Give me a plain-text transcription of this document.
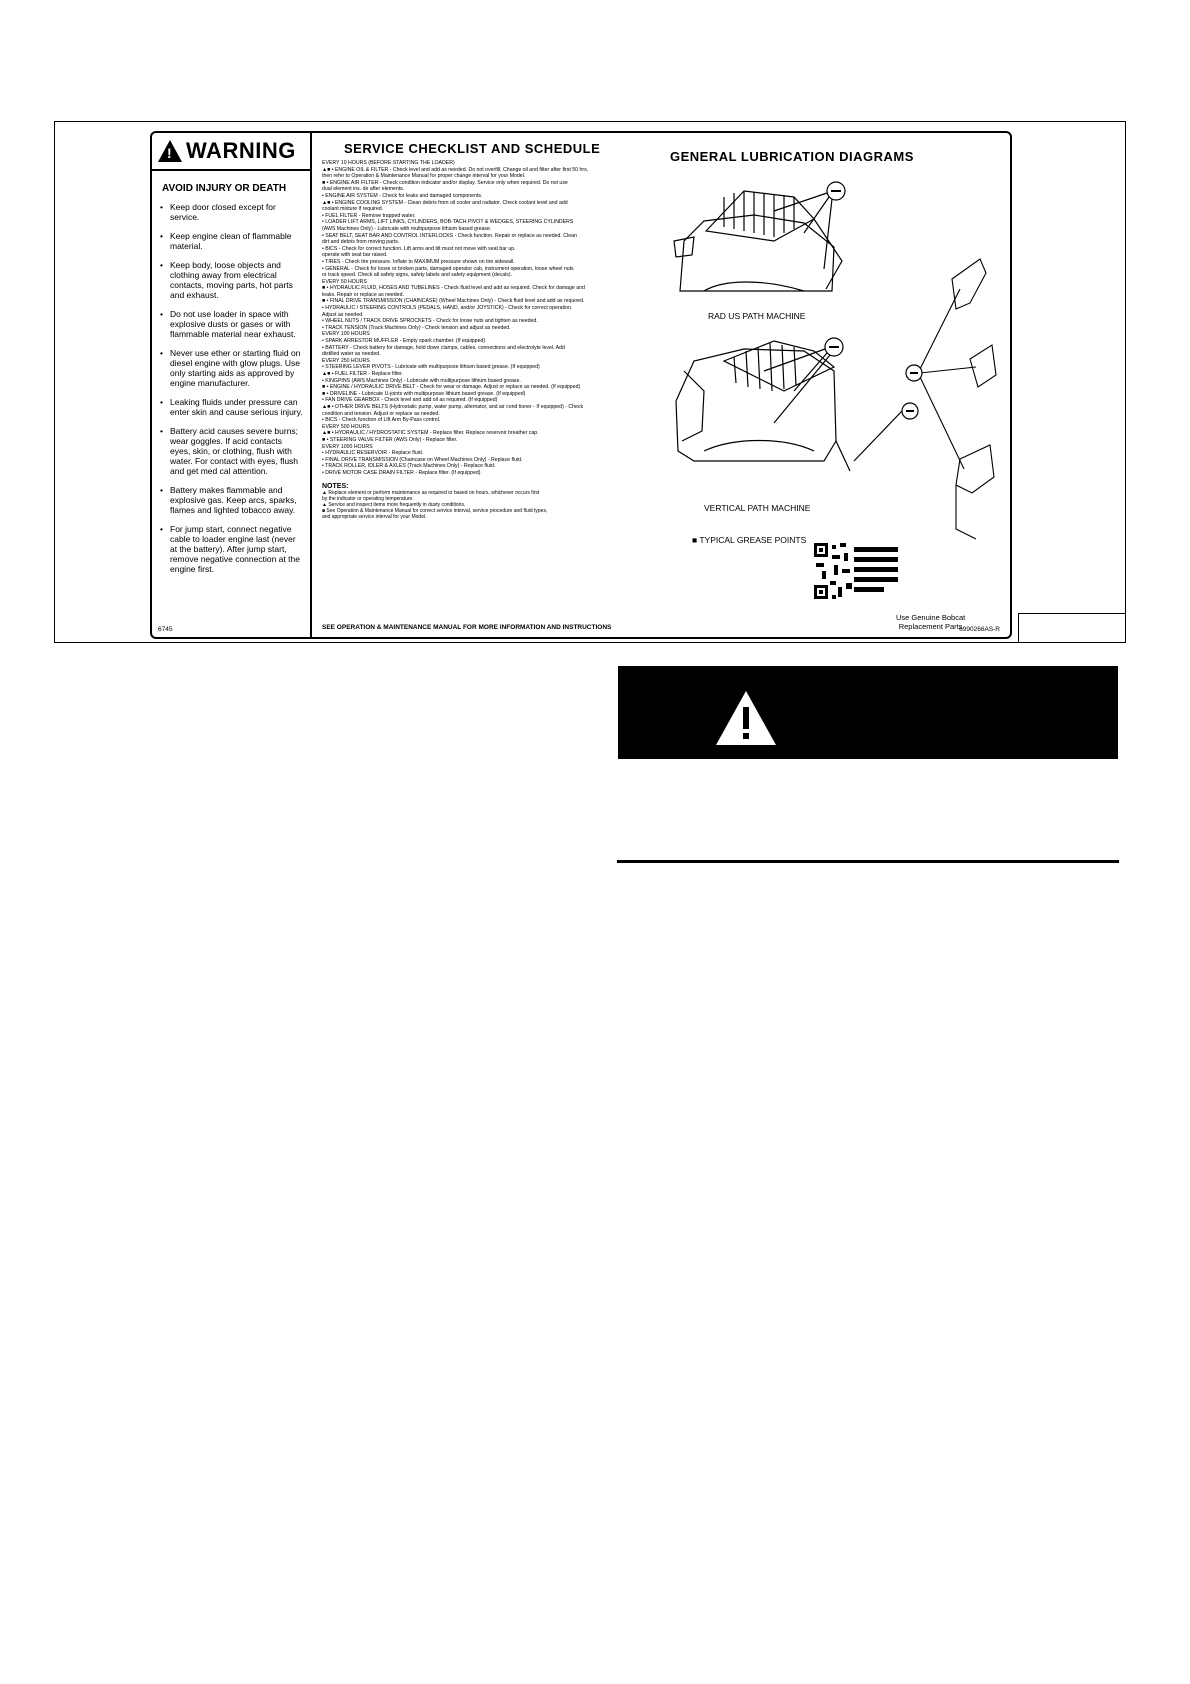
! WARNING
AVOID INJURY OR DEATH
• Keep door closed except for service.
• Keep engine clean of flammable material.
• Keep body, loose objects and clothing away from electrical contacts, moving parts, hot parts and exhaust.
• Do not use loader in space with explosive dusts or gases or with flammable material near exhaust.
• Never use ether or starting fluid on diesel engine with glow plugs. Use only starting aids as approved by engine manufacturer.
• Leaking fluids under pressure can enter skin and cause serious injury.
• Battery acid causes severe burns; wear goggles. If acid contacts eyes, skin, or clothing, flush with water. For contact with eyes, flush and get med cal attention.
• Battery makes flammable and explosive gas. Keep arcs, sparks, flames and lighted tobacco away.
• For jump start, connect negative cable to loader engine last (never at the battery). After jump start, remove negative connection at the engine first.
6745
SERVICE CHECKLIST AND SCHEDULE
EVERY 10 HOURS (BEFORE STARTING THE LOADER)
▲■ • ENGINE OIL & FILTER - Check level and add as needed. Do not overfill. Change oil and filter after first 50 hrs,
then refer to Operation & Maintenance Manual for proper change interval for your Model.
■ • ENGINE AIR FILTER - Check condition indicator and/or display. Service only when required. Do not use
dual element ins. de after elements.
• ENGINE AIR SYSTEM - Check for leaks and damaged components.
▲■ • ENGINE COOLING SYSTEM - Clean debris from oil cooler and radiator. Check coolant level and add
coolant mixture if required.
• FUEL FILTER - Remove trapped water.
• LOADER LIFT ARMS, LIFT LINKS, CYLINDERS, BOB-TACH PIVOT & WEDGES, STEERING CYLINDERS
(AWS Machines Only) - Lubricate with multipurpose lithium based grease.
• SEAT BELT, SEAT BAR AND CONTROL INTERLOCKS - Check function. Repair or replace as needed. Clean
dirt and debris from moving parts.
• BICS - Check for correct function. Lift arms and tilt must not move with seat bar up.
operate with seat bar raised.
• TIRES - Check tire pressure. Inflate to MAXIMUM pressure shown on tire sidewall.
• GENERAL - Check for loose or broken parts, damaged operator cab, instrument operation, loose wheel nuts
or track speed. Check all safety signs, safety labels and safety equipment (decals).
EVERY 50 HOURS
■ • HYDRAULIC FLUID, HOSES AND TUBELINES - Check fluid level and add as required. Check for damage and
leaks. Repair or replace as needed.
■ • FINAL DRIVE TRANSMISSION (CHAINCASE) (Wheel Machines Only) - Check fluid level and add as required.
• HYDRAULIC / STEERING CONTROLS (PEDALS, HAND, and/or JOYSTICK) - Check for correct operation.
Adjust as needed.
• WHEEL NUTS / TRACK DRIVE SPROCKETS - Check for loose nuts and tighten as needed.
• TRACK TENSION (Track Machines Only) - Check tension and adjust as needed.
EVERY 100 HOURS
• SPARK ARRESTOR MUFFLER - Empty spark chamber. (If equipped)
• BATTERY - Check battery for damage, hold down clamps, cables, connections and electrolyte level. Add
distilled water as needed.
EVERY 250 HOURS
• STEERING LEVER PIVOTS - Lubricate with multipurpose lithium based grease. (If equipped)
▲■ • FUEL FILTER - Replace filter.
• KINGPINS (AWS Machines Only) - Lubricate with multipurpose lithium based grease.
■ • ENGINE / HYDRAULIC DRIVE BELT - Check for wear or damage. Adjust or replace as needed. (If equipped)
■ • DRIVELINE - Lubricate U-joints with multipurpose lithium based grease. (If equipped)
• FAN DRIVE GEARBOX - Check level and add oil as required. (If equipped)
▲■ • OTHER DRIVE BELTS (Hydrostatic pump, water pump, alternator, and air cond tioner - If equipped) - Check
condition and tension. Adjust or replace as needed.
• BICS - Check function of Lift Arm By-Pass control.
EVERY 500 HOURS
▲■ • HYDRAULIC / HYDROSTATIC SYSTEM - Replace filter. Replace reservoir breather cap.
■ • STEERING VALVE FILTER (AWS Only) - Replace filter.
EVERY 1000 HOURS
• HYDRAULIC RESERVOIR - Replace fluid.
• FINAL DRIVE TRANSMISSION (Chaincase on Wheel Machines Only) - Replace fluid.
• TRACK ROLLER, IDLER & AXLES (Track Machines Only) - Replace fluid.
• DRIVE MOTOR CASE DRAIN FILTER - Replace filter. (If equipped)
NOTES:
▲ Replace element or perform maintenance as required or based on hours, whichever occurs first
by the indicator or operating temperature.
▲ Service and inspect items more frequently in dusty conditions.
■ See Operation & Maintenance Manual for correct service interval, service procedure and fluid types,
and appropriate service interval for your Model.
SEE OPERATION & MAINTENANCE MANUAL FOR MORE INFORMATION AND INSTRUCTIONS
GENERAL LUBRICATION DIAGRAMS
RAD US PATH MACHINE
VERTICAL PATH MACHINE
■ TYPICAL GREASE POINTS
Use Genuine Bobcat
Replacement Parts
6990266AS-R
